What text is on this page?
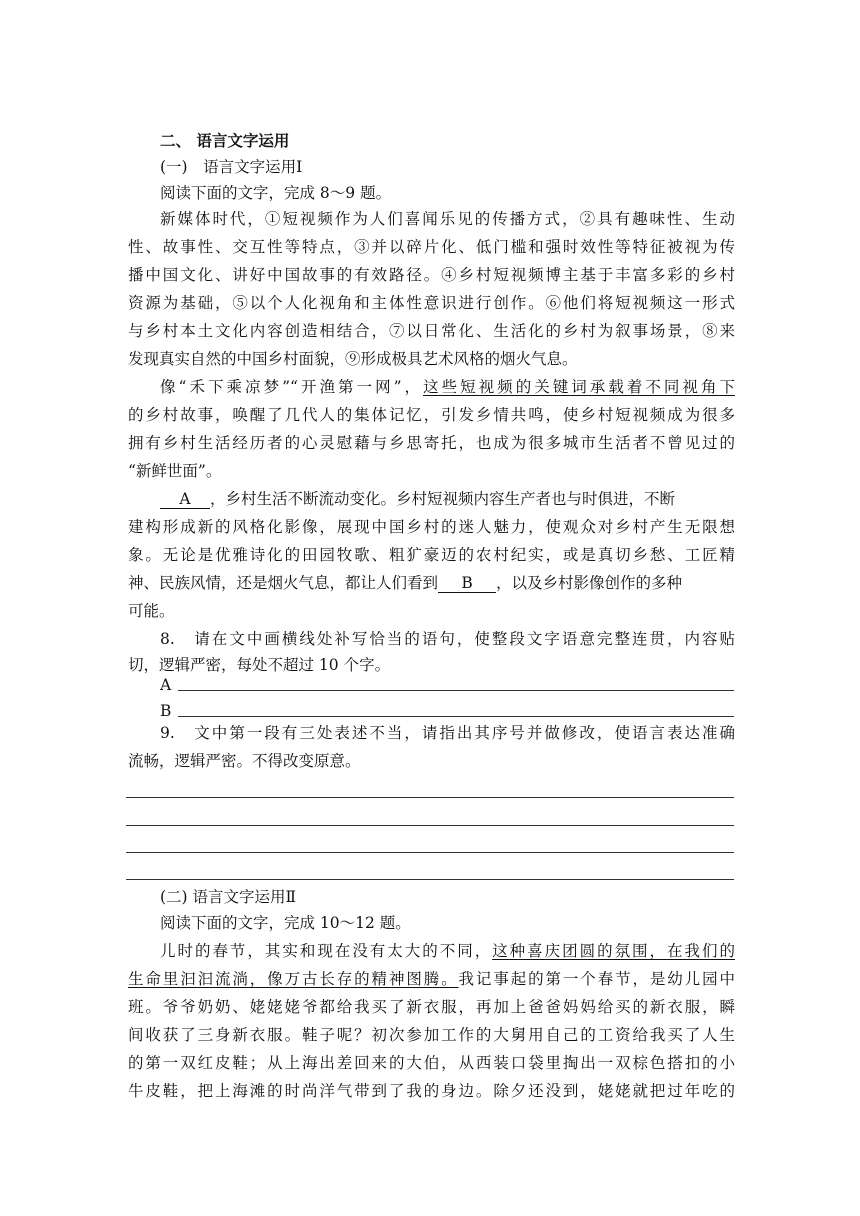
二、 语言文字运用
(一)　语言文字运用Ⅰ
阅读下面的文字，完成 8～9 题。
新媒体时代，①短视频作为人们喜闻乐见的传播方式，②具有趣味性、生动
性、故事性、交互性等特点，③并以碎片化、低门槛和强时效性等特征被视为传
播中国文化、讲好中国故事的有效路径。④乡村短视频博主基于丰富多彩的乡村
资源为基础，⑤以个人化视角和主体性意识进行创作。⑥他们将短视频这一形式
与乡村本土文化内容创造相结合，⑦以日常化、生活化的乡村为叙事场景，⑧来
发现真实自然的中国乡村面貌，⑨形成极具艺术风格的烟火气息。
像“禾下乘凉梦”“开渔第一网”，这些短视频的关键词承载着不同视角下
的乡村故事，唤醒了几代人的集体记忆，引发乡情共鸣，使乡村短视频成为很多
拥有乡村生活经历者的心灵慰藉与乡思寄托，也成为很多城市生活者不曾见过的
“新鲜世面”。
A ，乡村生活不断流动变化。乡村短视频内容生产者也与时俱进，不断
建构形成新的风格化影像，展现中国乡村的迷人魅力，使观众对乡村产生无限想
象。无论是优雅诗化的田园牧歌、粗犷豪迈的农村纪实，或是真切乡愁、工匠精
神、民族风情，还是烟火气息，都让人们看到 B ，以及乡村影像创作的多种
可能。
8.　请在文中画横线处补写恰当的语句，使整段文字语意完整连贯，内容贴
切，逻辑严密，每处不超过 10 个字。
A
B
9.　文中第一段有三处表述不当，请指出其序号并做修改，使语言表达准确
流畅，逻辑严密。不得改变原意。
(二) 语言文字运用Ⅱ
阅读下面的文字，完成 10～12 题。
儿时的春节，其实和现在没有太大的不同，这种喜庆团圆的氛围，在我们的
生命里汩汩流淌，像万古长存的精神图腾。我记事起的第一个春节，是幼儿园中
班。爷爷奶奶、姥姥姥爷都给我买了新衣服，再加上爸爸妈妈给买的新衣服，瞬
间收获了三身新衣服。鞋子呢？初次参加工作的大舅用自己的工资给我买了人生
的第一双红皮鞋；从上海出差回来的大伯，从西装口袋里掏出一双棕色搭扣的小
牛皮鞋，把上海滩的时尚洋气带到了我的身边。除夕还没到，姥姥就把过年吃的
